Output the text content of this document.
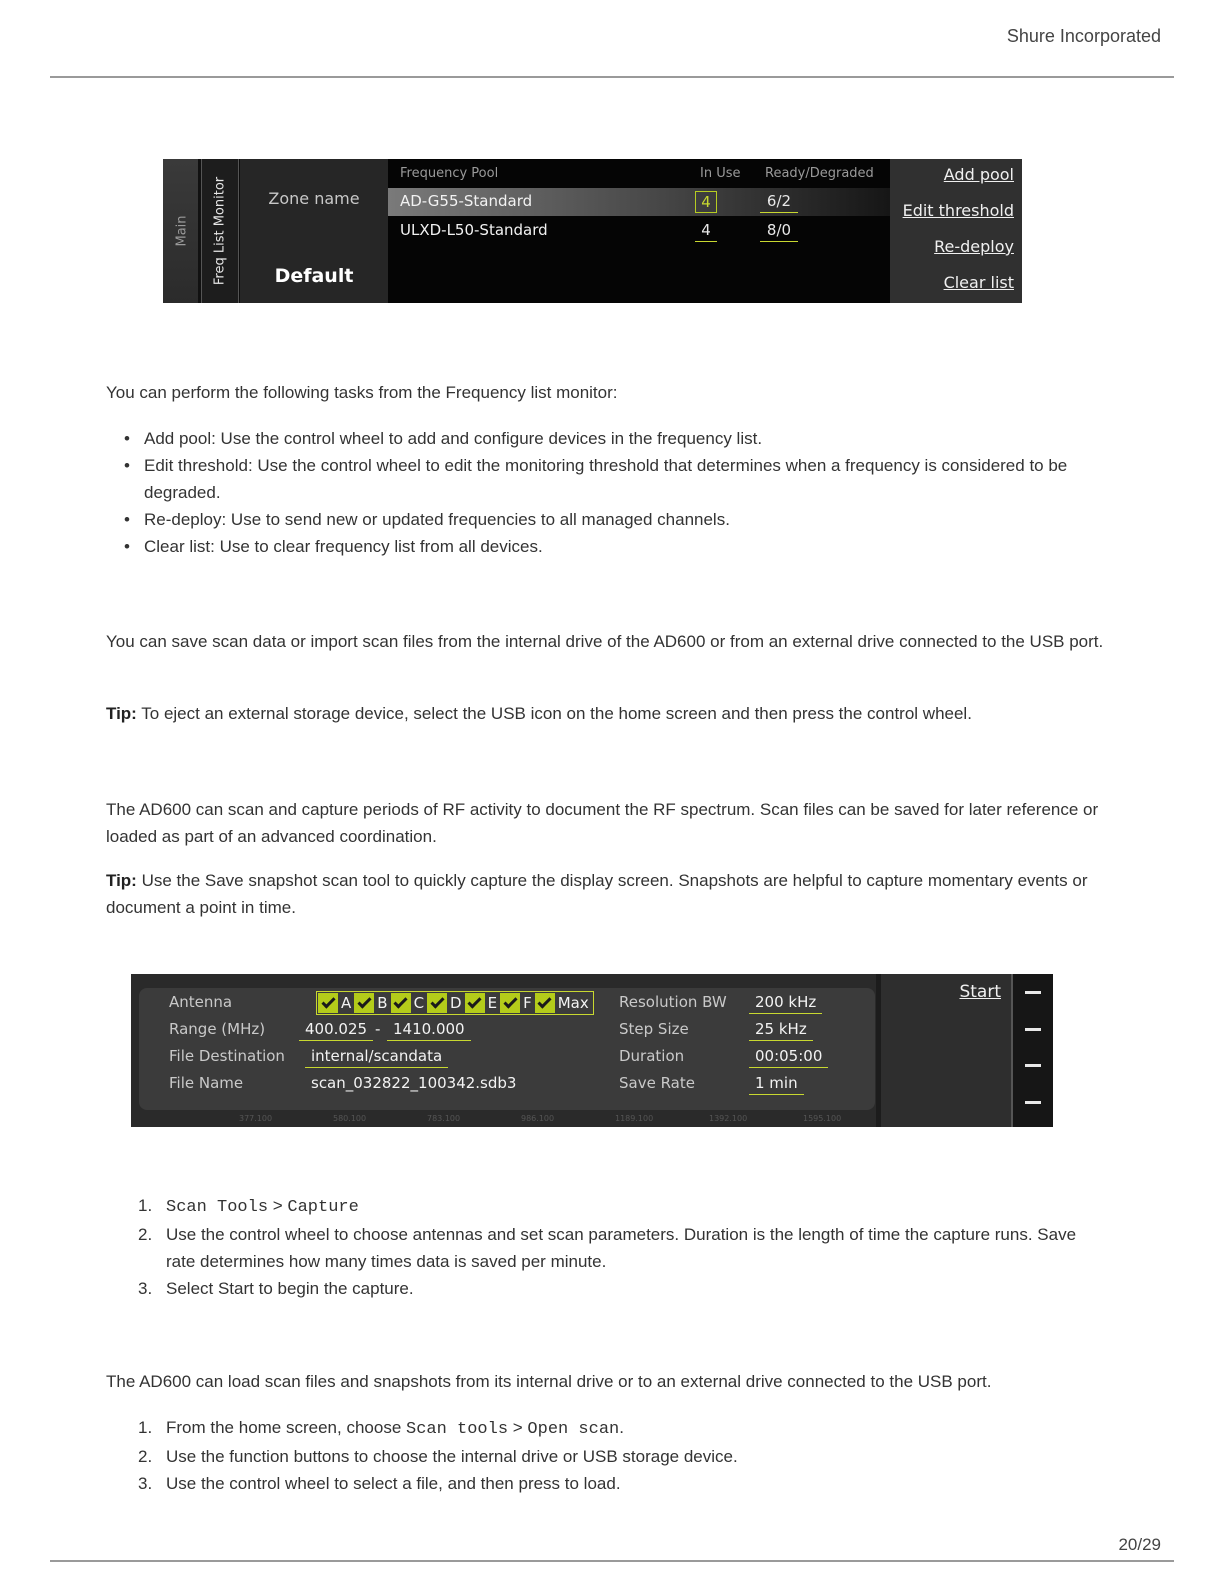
Shure Incorporated
Main Freq List Monitor	Zone name
Default
Frequency Pool	In Use Ready/Degraded
AD-G55-Standard	4	6/2
ULXD-L50-Standard	4	8/0
Add pool
Edit threshold
Re-deploy
Clear list
You can perform the following tasks from the Frequency list monitor:
• Add pool: Use the control wheel to add and configure devices in the frequency list.
• Edit threshold: Use the control wheel to edit the monitoring threshold that determines when a frequency is considered to be degraded.
• Re-deploy: Use to send new or updated frequencies to all managed channels.
• Clear list: Use to clear frequency list from all devices.
You can save scan data or import scan files from the internal drive of the AD600 or from an external drive connected to the USB port.
Tip: To eject an external storage device, select the USB icon on the home screen and then press the control wheel.
The AD600 can scan and capture periods of RF activity to document the RF spectrum. Scan files can be saved for later reference or loaded as part of an advanced coordination.
Tip: Use the Save snapshot scan tool to quickly capture the display screen. Snapshots are helpful to capture momentary events or document a point in time.
Antenna	A B C D E F Max
Range (MHz)	400.025 - 1410.000
File Destination	internal/scandata
File Name	scan_032822_100342.sdb3
Resolution BW	200 kHz
Step Size	25 kHz
Duration	00:05:00
Save Rate	1 min
377.100	580.100	783.100	986.100	1189.100	1392.100	1595.100
Start
1. Scan Tools > Capture
2. Use the control wheel to choose antennas and set scan parameters. Duration is the length of time the capture runs. Save rate determines how many times data is saved per minute.
3. Select Start to begin the capture.
The AD600 can load scan files and snapshots from its internal drive or to an external drive connected to the USB port.
1. From the home screen, choose Scan tools > Open scan.
2. Use the function buttons to choose the internal drive or USB storage device.
3. Use the control wheel to select a file, and then press to load.
20/29
